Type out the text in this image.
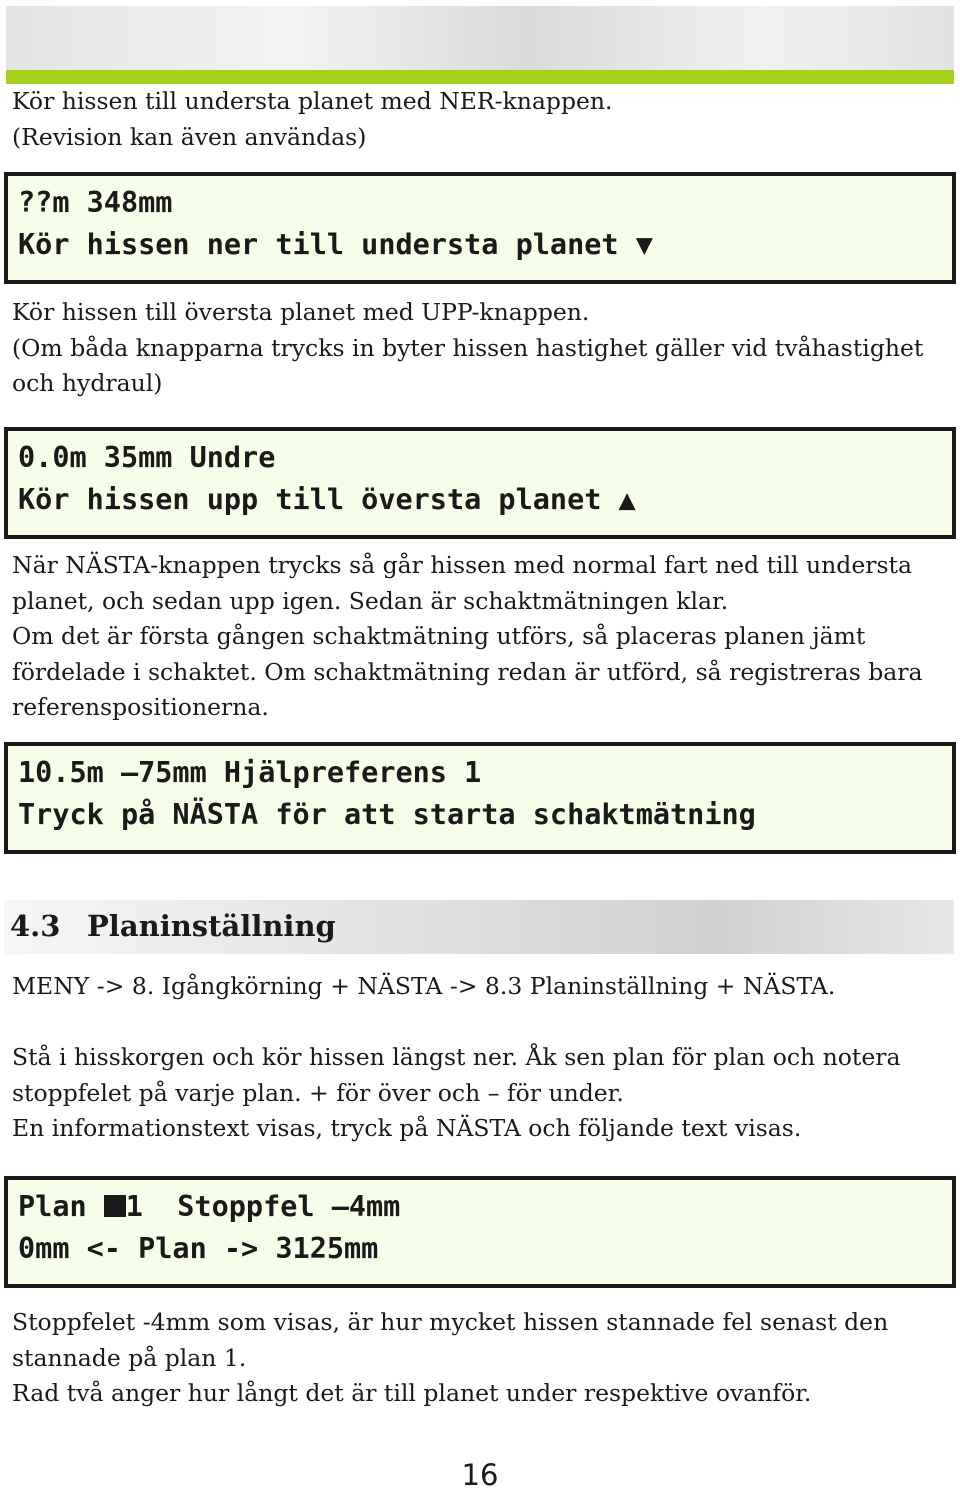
Kör hissen till understa planet med NER-knappen.
(Revision kan även användas)
??m 348mm
Kör hissen ner till understa planet ▼
Kör hissen till översta planet med UPP-knappen.
(Om båda knapparna trycks in byter hissen hastighet gäller vid tvåhastighet
och hydraul)
0.0m 35mm Undre
Kör hissen upp till översta planet ▲
När NÄSTA-knappen trycks så går hissen med normal fart ned till understa
planet, och sedan upp igen. Sedan är schaktmätningen klar.
Om det är första gången schaktmätning utförs, så placeras planen jämt
fördelade i schaktet. Om schaktmätning redan är utförd, så registreras bara
referenspositionerna.
10.5m –75mm Hjälpreferens 1
Tryck på NÄSTA för att starta schaktmätning
4.3 Planinställning
MENY -> 8. Igångkörning + NÄSTA -> 8.3 Planinställning + NÄSTA.
Stå i hisskorgen och kör hissen längst ner. Åk sen plan för plan och notera
stoppfelet på varje plan. + för över och – för under.
En informationstext visas, tryck på NÄSTA och följande text visas.
Plan 1  Stoppfel –4mm
0mm <- Plan -> 3125mm
Stoppfelet -4mm som visas, är hur mycket hissen stannade fel senast den
stannade på plan 1.
Rad två anger hur långt det är till planet under respektive ovanför.
16
